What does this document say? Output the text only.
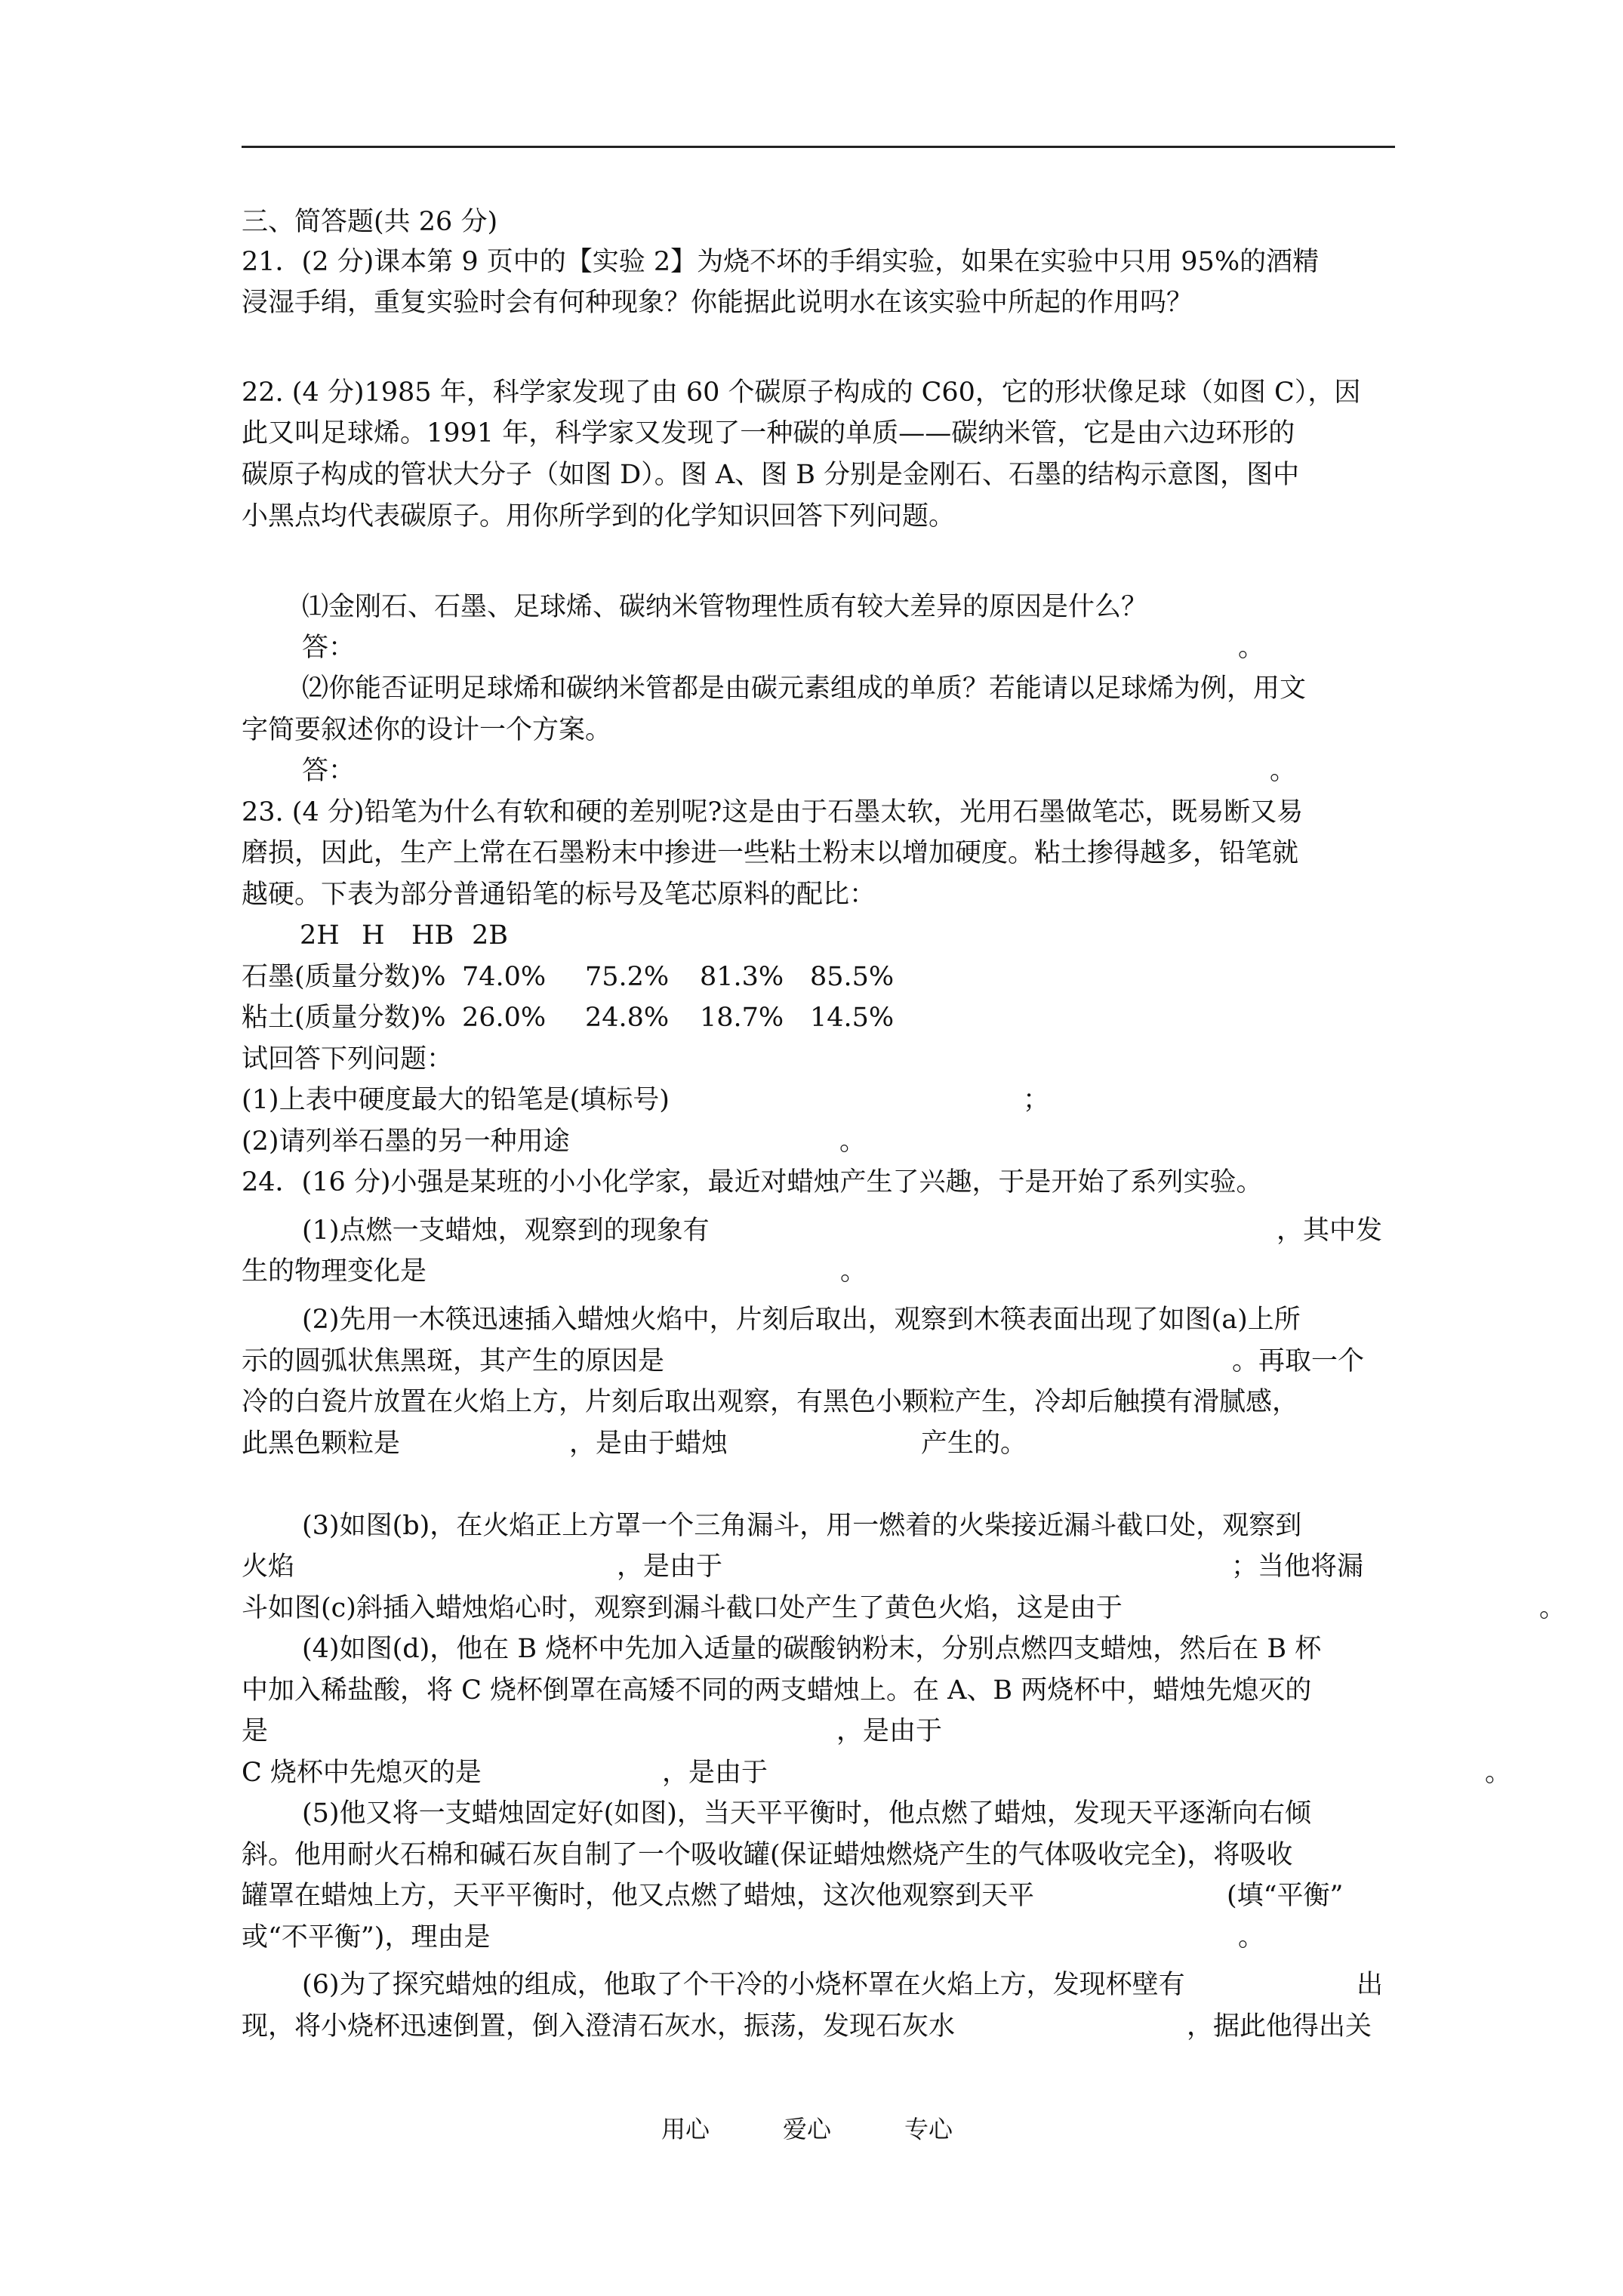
三、简答题(共 26 分)
21．(2 分)课本第 9 页中的【实验 2】为烧不坏的手绢实验，如果在实验中只用 95%的酒精
浸湿手绢，重复实验时会有何种现象？你能据此说明水在该实验中所起的作用吗？
22. (4 分)1985 年，科学家发现了由 60 个碳原子构成的 C60，它的形状像足球（如图 C），因
此又叫足球烯。1991 年，科学家又发现了一种碳的单质——碳纳米管，它是由六边环形的
碳原子构成的管状大分子（如图 D）。图 A、图 B 分别是金刚石、石墨的结构示意图，图中
小黑点均代表碳原子。用你所学到的化学知识回答下列问题。
⑴金刚石、石墨、足球烯、碳纳米管物理性质有较大差异的原因是什么？
答：	。
⑵你能否证明足球烯和碳纳米管都是由碳元素组成的单质？若能请以足球烯为例，用文
字简要叙述你的设计一个方案。
答：	。
23. (4 分)铅笔为什么有软和硬的差别呢?这是由于石墨太软，光用石墨做笔芯，既易断又易
磨损，因此，生产上常在石墨粉末中掺进一些粘土粉末以增加硬度。粘土掺得越多，铅笔就
越硬。下表为部分普通铅笔的标号及笔芯原料的配比：
2H H HB 2B
石墨(质量分数)% 74.0% 75.2% 81.3% 85.5%
粘土(质量分数)% 26.0% 24.8% 18.7% 14.5%
试回答下列问题：
(1)上表中硬度最大的铅笔是(填标号)	；
(2)请列举石墨的另一种用途	。
24．(16 分)小强是某班的小小化学家，最近对蜡烛产生了兴趣，于是开始了系列实验。
(1)点燃一支蜡烛，观察到的现象有	，其中发
生的物理变化是	。
(2)先用一木筷迅速插入蜡烛火焰中，片刻后取出，观察到木筷表面出现了如图(a)上所
示的圆弧状焦黑斑，其产生的原因是	。再取一个
冷的白瓷片放置在火焰上方，片刻后取出观察，有黑色小颗粒产生，冷却后触摸有滑腻感，
此黑色颗粒是	，是由于蜡烛	产生的。
(3)如图(b)，在火焰正上方罩一个三角漏斗，用一燃着的火柴接近漏斗截口处，观察到
火焰	，是由于	；当他将漏
斗如图(c)斜插入蜡烛焰心时，观察到漏斗截口处产生了黄色火焰，这是由于	。
(4)如图(d)，他在 B 烧杯中先加入适量的碳酸钠粉末，分别点燃四支蜡烛，然后在 B 杯
中加入稀盐酸，将 C 烧杯倒罩在高矮不同的两支蜡烛上。在 A、B 两烧杯中，蜡烛先熄灭的
是	，是由于
C 烧杯中先熄灭的是	，是由于	。
(5)他又将一支蜡烛固定好(如图)，当天平平衡时，他点燃了蜡烛，发现天平逐渐向右倾
斜。他用耐火石棉和碱石灰自制了一个吸收罐(保证蜡烛燃烧产生的气体吸收完全)，将吸收
罐罩在蜡烛上方，天平平衡时，他又点燃了蜡烛，这次他观察到天平	(填“平衡”
或“不平衡”)，理由是	。
(6)为了探究蜡烛的组成，他取了个干冷的小烧杯罩在火焰上方，发现杯壁有	出
现，将小烧杯迅速倒置，倒入澄清石灰水，振荡，发现石灰水	，据此他得出关
用心	爱心	专心
